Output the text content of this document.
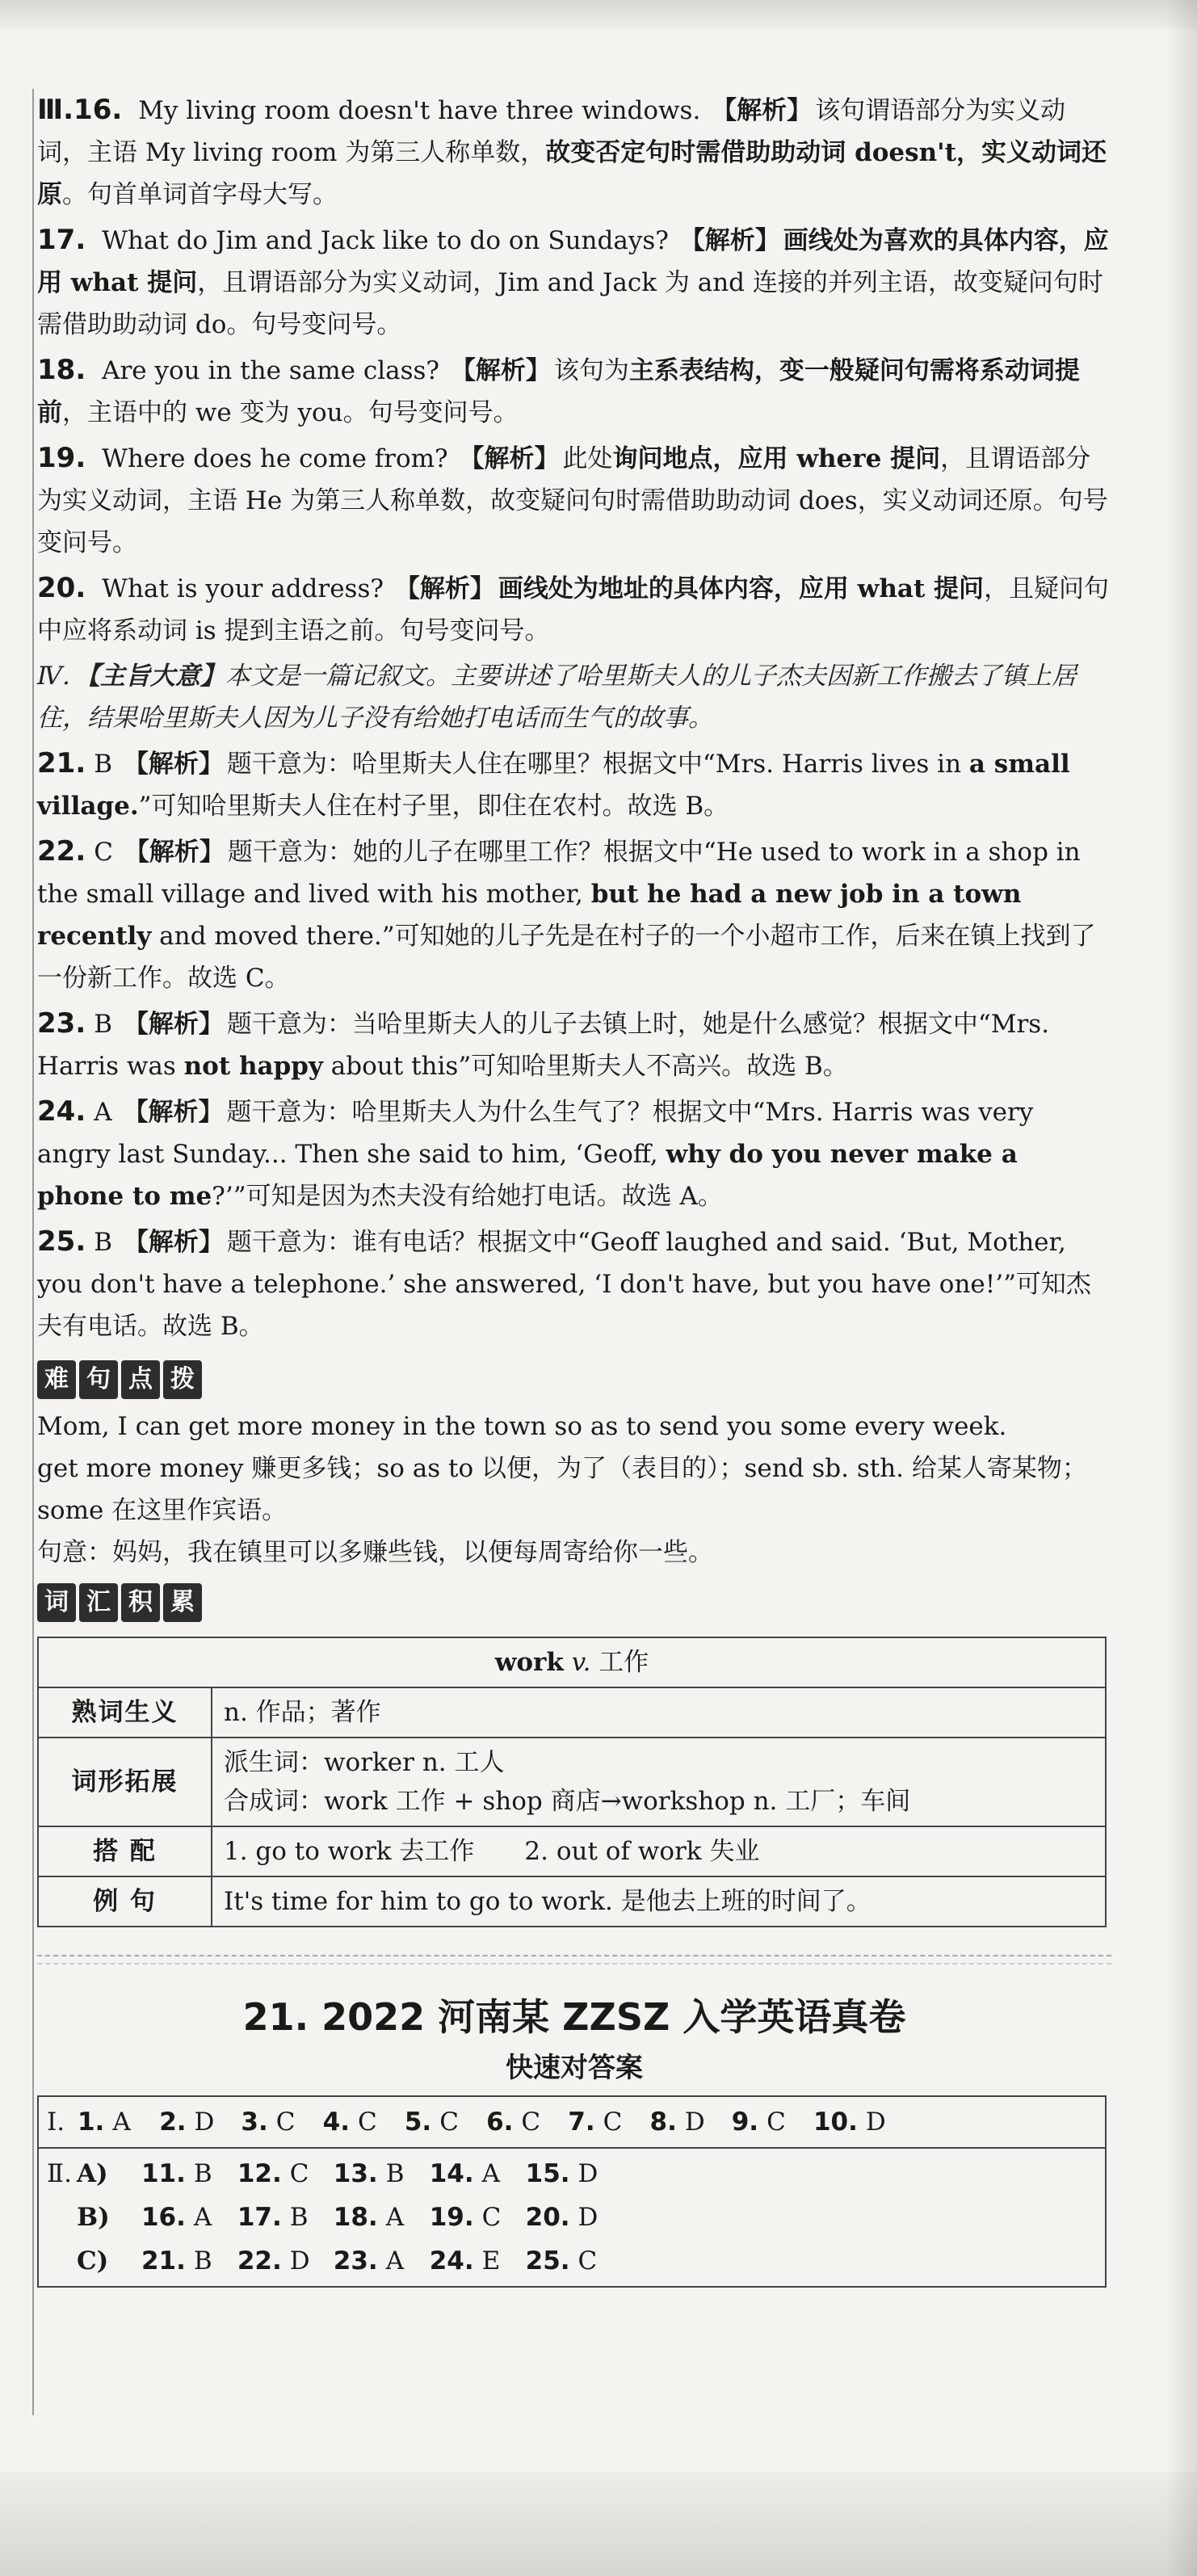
Ⅲ.16. My living room doesn't have three windows. 【解析】 该句谓语部分为实义动词，主语 My living room 为第三人称单数，故变否定句时需借助助动词 doesn't，实义动词还原。句首单词首字母大写。

17. What do Jim and Jack like to do on Sundays? 【解析】 画线处为喜欢的具体内容，应用 what 提问，且谓语部分为实义动词，Jim and Jack 为 and 连接的并列主语，故变疑问句时需借助助动词 do。句号变问号。

18. Are you in the same class? 【解析】 该句为主系表结构，变一般疑问句需将系动词提前，主语中的 we 变为 you。句号变问号。

19. Where does he come from? 【解析】 此处询问地点，应用 where 提问，且谓语部分为实义动词，主语 He 为第三人称单数，故变疑问句时需借助助动词 does，实义动词还原。句号变问号。

20. What is your address? 【解析】 画线处为地址的具体内容，应用 what 提问，且疑问句中应将系动词 is 提到主语之前。句号变问号。

Ⅳ. 【主旨大意】本文是一篇记叙文。主要讲述了哈里斯夫人的儿子杰夫因新工作搬去了镇上居住，结果哈里斯夫人因为儿子没有给她打电话而生气的故事。

21. B 【解析】 题干意为：哈里斯夫人住在哪里？根据文中“Mrs. Harris lives in a small village.”可知哈里斯夫人住在村子里，即住在农村。故选 B。

22. C 【解析】 题干意为：她的儿子在哪里工作？根据文中“He used to work in a shop in the small village and lived with his mother, but he had a new job in a town recently and moved there.”可知她的儿子先是在村子的一个小超市工作，后来在镇上找到了一份新工作。故选 C。

23. B 【解析】 题干意为：当哈里斯夫人的儿子去镇上时，她是什么感觉？根据文中“Mrs. Harris was not happy about this”可知哈里斯夫人不高兴。故选 B。

24. A 【解析】 题干意为：哈里斯夫人为什么生气了？根据文中“Mrs. Harris was very angry last Sunday... Then she said to him, ‘Geoff, why do you never make a phone to me?’”可知是因为杰夫没有给她打电话。故选 A。

25. B 【解析】 题干意为：谁有电话？根据文中“Geoff laughed and said. ‘But, Mother, you don't have a telephone.’ she answered, ‘I don't have, but you have one!’”可知杰夫有电话。故选 B。

难 句 点 拨

Mom, I can get more money in the town so as to send you some every week.

get more money 赚更多钱；so as to 以便，为了（表目的）；send sb. sth. 给某人寄某物；some 在这里作宾语。

句意：妈妈，我在镇里可以多赚些钱，以便每周寄给你一些。

词 汇 积 累
work v. 工作	
熟词生义	n. 作品；著作
词形拓展	派生词：worker n. 工人
合成词：work 工作 + shop 商店→workshop n. 工厂；车间

搭 配	1. go to work 去工作　　2. out of work 失业
例 句	It's time for him to go to work. 是他去上班的时间了。
21. 2022 河南某 ZZSZ 入学英语真卷
快速对答案
Ⅰ. 1. A 2. D 3. C 4. C 5. C 6. C 7. C 8. D 9. C 10. D

Ⅱ. A)	11. B 12. C 13. B 14. A 15. D
B)	16. A 17. B 18. A 19. C 20. D
C)	21. B 22. D 23. A 24. E 25. C
